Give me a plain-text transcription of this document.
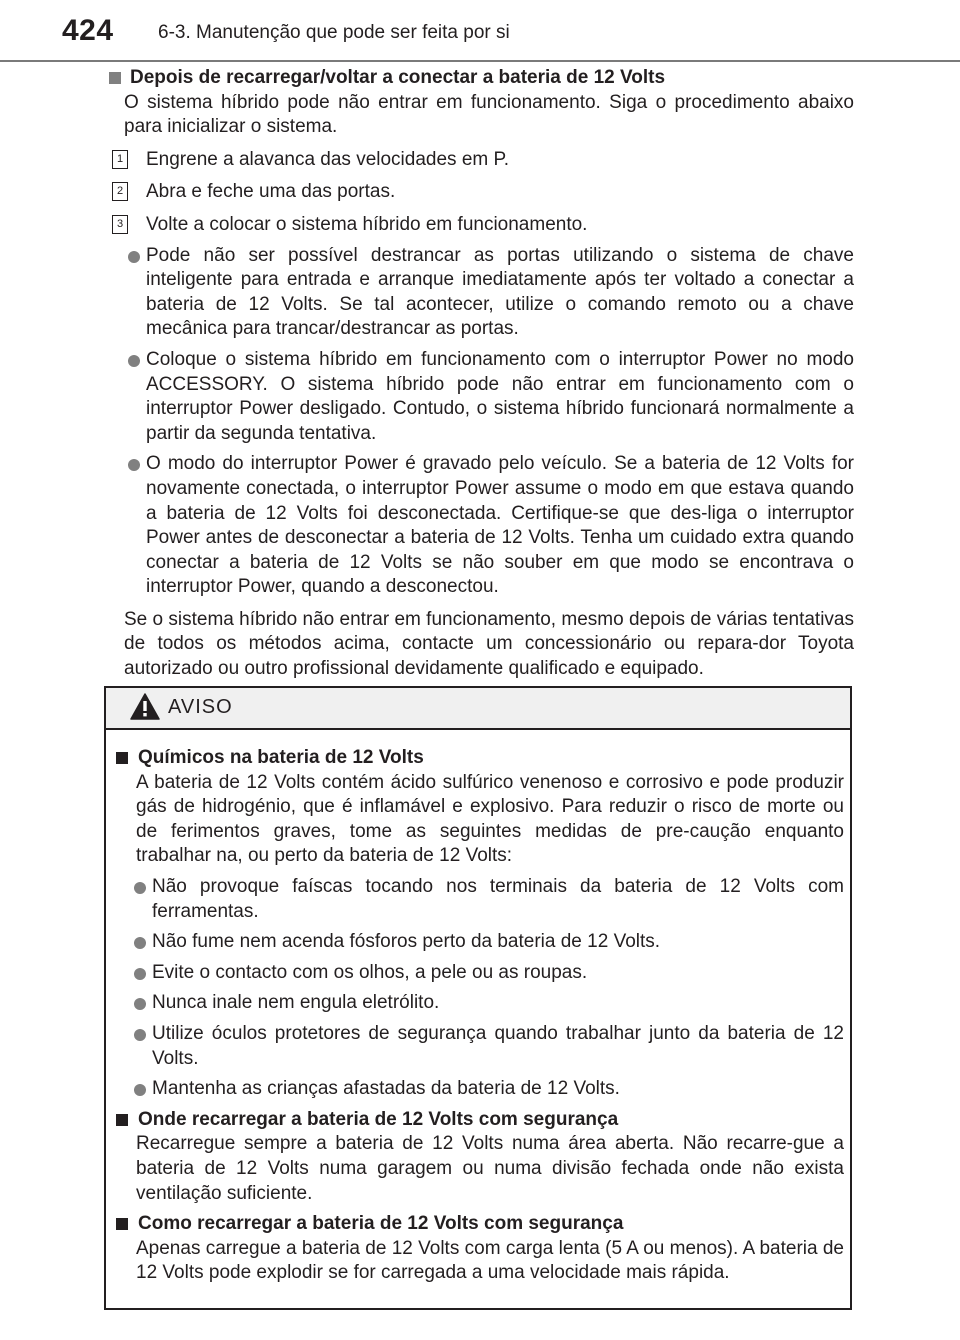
424 6-3. Manutenção que pode ser feita por si
Depois de recarregar/voltar a conectar a bateria de 12 Volts
O sistema híbrido pode não entrar em funcionamento. Siga o procedimento abaixo para inicializar o sistema.
1 Engrene a alavanca das velocidades em P.
2 Abra e feche uma das portas.
3 Volte a colocar o sistema híbrido em funcionamento.
Pode não ser possível destrancar as portas utilizando o sistema de chave inteligente para entrada e arranque imediatamente após ter voltado a conectar a bateria de 12 Volts. Se tal acontecer, utilize o comando remoto ou a chave mecânica para trancar/destrancar as portas.
Coloque o sistema híbrido em funcionamento com o interruptor Power no modo ACCESSORY. O sistema híbrido pode não entrar em funcionamento com o interruptor Power desligado. Contudo, o sistema híbrido funcionará normalmente a partir da segunda tentativa.
O modo do interruptor Power é gravado pelo veículo. Se a bateria de 12 Volts for novamente conectada, o interruptor Power assume o modo em que estava quando a bateria de 12 Volts foi desconectada. Certifique-se que des-liga o interruptor Power antes de desconectar a bateria de 12 Volts. Tenha um cuidado extra quando conectar a bateria de 12 Volts se não souber em que modo se encontrava o interruptor Power, quando a desconectou.
Se o sistema híbrido não entrar em funcionamento, mesmo depois de várias tentativas de todos os métodos acima, contacte um concessionário ou repara-dor Toyota autorizado ou outro profissional devidamente qualificado e equipado.
AVISO
Químicos na bateria de 12 Volts
A bateria de 12 Volts contém ácido sulfúrico venenoso e corrosivo e pode produzir gás de hidrogénio, que é inflamável e explosivo. Para reduzir o risco de morte ou de ferimentos graves, tome as seguintes medidas de pre-caução enquanto trabalhar na, ou perto da bateria de 12 Volts:
Não provoque faíscas tocando nos terminais da bateria de 12 Volts com ferramentas.
Não fume nem acenda fósforos perto da bateria de 12 Volts.
Evite o contacto com os olhos, a pele ou as roupas.
Nunca inale nem engula eletrólito.
Utilize óculos protetores de segurança quando trabalhar junto da bateria de 12 Volts.
Mantenha as crianças afastadas da bateria de 12 Volts.
Onde recarregar a bateria de 12 Volts com segurança
Recarregue sempre a bateria de 12 Volts numa área aberta. Não recarre-gue a bateria de 12 Volts numa garagem ou numa divisão fechada onde não exista ventilação suficiente.
Como recarregar a bateria de 12 Volts com segurança
Apenas carregue a bateria de 12 Volts com carga lenta (5 A ou menos). A bateria de 12 Volts pode explodir se for carregada a uma velocidade mais rápida.
